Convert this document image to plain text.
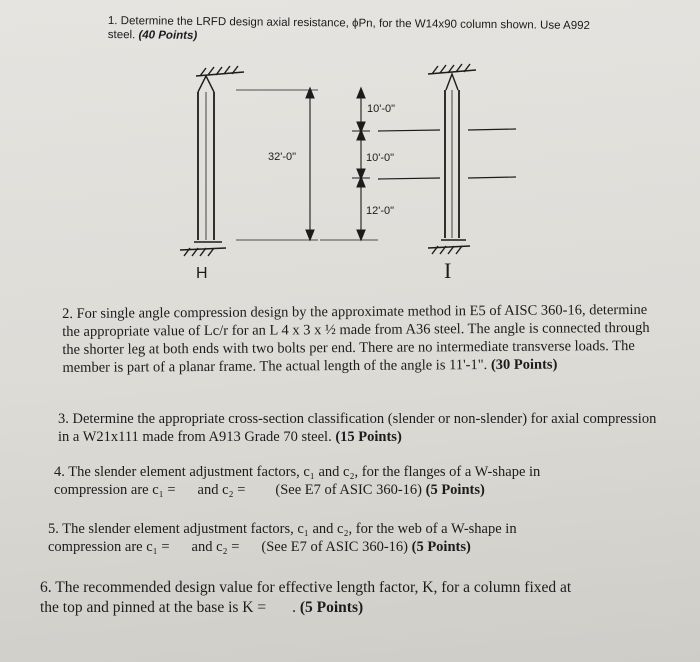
1. Determine the LRFD design axial resistance, ϕPn, for the W14x90 column shown. Use A992 steel. (40 Points)
32'-0"
10'-0"
10'-0"
12'-0"
H	I
2. For single angle compression design by the approximate method in E5 of AISC 360-16, determine the appropriate value of Lc/r for an L 4 x 3 x ½ made from A36 steel. The angle is connected through the shorter leg at both ends with two bolts per end. There are no intermediate transverse loads. The member is part of a planar frame. The actual length of the angle is 11'-1". (30 Points)
3. Determine the appropriate cross-section classification (slender or non-slender) for axial compression in a W21x111 made from A913 Grade 70 steel. (15 Points)
4. The slender element adjustment factors, c₁ and c₂, for the flanges of a W-shape in
compression are c₁ = and c₂ = (See E7 of ASIC 360-16) (5 Points)
5. The slender element adjustment factors, c₁ and c₂, for the web of a W-shape in
compression are c₁ = and c₂ = (See E7 of ASIC 360-16) (5 Points)
6. The recommended design value for effective length factor, K, for a column fixed at
the top and pinned at the base is K = . (5 Points)
